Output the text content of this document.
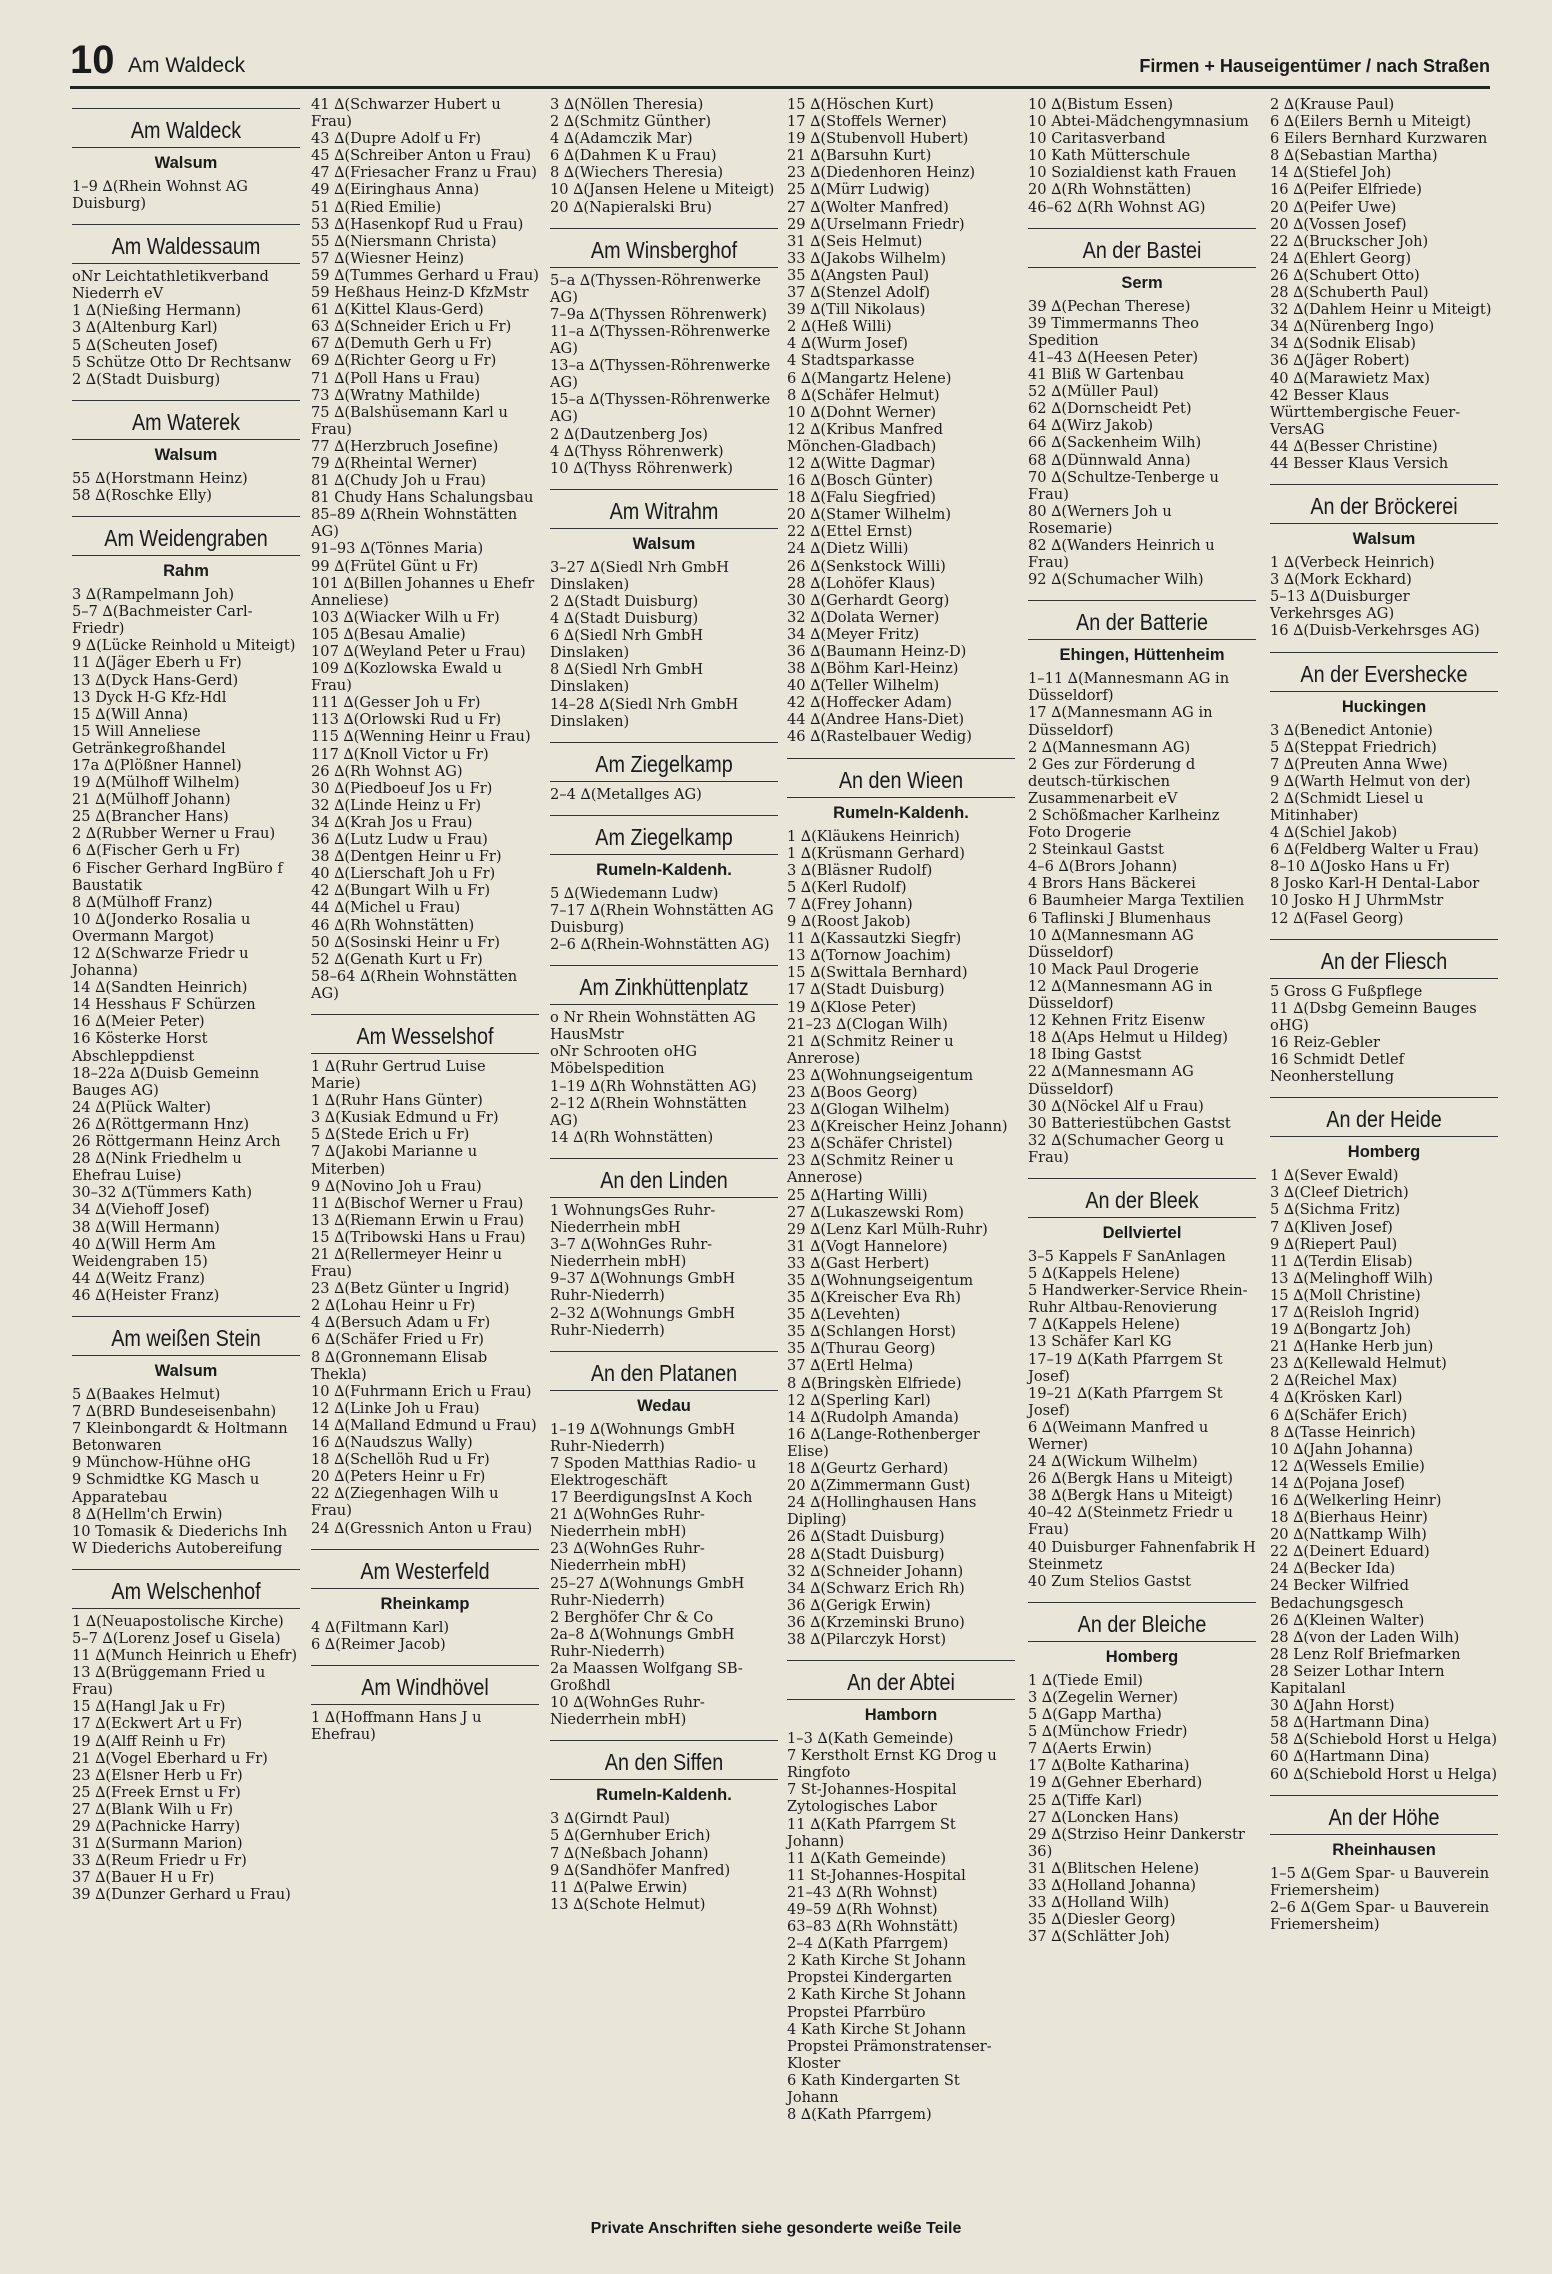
10 Am Waldeck	Firmen + Hauseigentümer / nach Straßen
Am Waldeck
Walsum
1–9 ∆(Rhein Wohnst AG Duisburg)
Am Waldessaum
oNr Leichtathletikverband Niederrh eV
1 ∆(Nießing Hermann)
3 ∆(Altenburg Karl)
5 ∆(Scheuten Josef)
5 Schütze Otto Dr Rechtsanw
2 ∆(Stadt Duisburg)
Am Waterek
Walsum
55 ∆(Horstmann Heinz)
58 ∆(Roschke Elly)
Am Weidengraben
Rahm
3 ∆(Rampelmann Joh)
5–7 ∆(Bachmeister Carl-Friedr)
9 ∆(Lücke Reinhold u Miteigt)
11 ∆(Jäger Eberh u Fr)
13 ∆(Dyck Hans-Gerd)
13 Dyck H-G Kfz-Hdl
15 ∆(Will Anna)
15 Will Anneliese Getränkegroßhandel
17a ∆(Plößner Hannel)
19 ∆(Mülhoff Wilhelm)
21 ∆(Mülhoff Johann)
25 ∆(Brancher Hans)
2 ∆(Rubber Werner u Frau)
6 ∆(Fischer Gerh u Fr)
6 Fischer Gerhard IngBüro f Baustatik
8 ∆(Mülhoff Franz)
10 ∆(Jonderko Rosalia u Overmann Margot)
12 ∆(Schwarze Friedr u Johanna)
14 ∆(Sandten Heinrich)
14 Hesshaus F Schürzen
16 ∆(Meier Peter)
16 Kösterke Horst Abschleppdienst
18–22a ∆(Duisb Gemeinn Bauges AG)
24 ∆(Plück Walter)
26 ∆(Röttgermann Hnz)
26 Röttgermann Heinz Arch
28 ∆(Nink Friedhelm u Ehefrau Luise)
30–32 ∆(Tümmers Kath)
34 ∆(Viehoff Josef)
38 ∆(Will Hermann)
40 ∆(Will Herm Am Weidengraben 15)
44 ∆(Weitz Franz)
46 ∆(Heister Franz)
Am weißen Stein
Walsum
5 ∆(Baakes Helmut)
7 ∆(BRD Bundeseisenbahn)
7 Kleinbongardt & Holtmann Betonwaren
9 Münchow-Hühne oHG
9 Schmidtke KG Masch u Apparatebau
8 ∆(Hellm'ch Erwin)
10 Tomasik & Diederichs Inh W Diederichs Autobereifung
Am Welschenhof
1 ∆(Neuapostolische Kirche)
5–7 ∆(Lorenz Josef u Gisela)
11 ∆(Munch Heinrich u Ehefr)
13 ∆(Brüggemann Fried u Frau)
15 ∆(Hangl Jak u Fr)
17 ∆(Eckwert Art u Fr)
19 ∆(Alff Reinh u Fr)
21 ∆(Vogel Eberhard u Fr)
23 ∆(Elsner Herb u Fr)
25 ∆(Freek Ernst u Fr)
27 ∆(Blank Wilh u Fr)
29 ∆(Pachnicke Harry)
31 ∆(Surmann Marion)
33 ∆(Reum Friedr u Fr)
37 ∆(Bauer H u Fr)
39 ∆(Dunzer Gerhard u Frau)
41 ∆(Schwarzer Hubert u Frau)
43 ∆(Dupre Adolf u Fr)
45 ∆(Schreiber Anton u Frau)
47 ∆(Friesacher Franz u Frau)
49 ∆(Eiringhaus Anna)
51 ∆(Ried Emilie)
53 ∆(Hasenkopf Rud u Frau)
55 ∆(Niersmann Christa)
57 ∆(Wiesner Heinz)
59 ∆(Tummes Gerhard u Frau)
59 Heßhaus Heinz-D KfzMstr
61 ∆(Kittel Klaus-Gerd)
63 ∆(Schneider Erich u Fr)
67 ∆(Demuth Gerh u Fr)
69 ∆(Richter Georg u Fr)
71 ∆(Poll Hans u Frau)
73 ∆(Wratny Mathilde)
75 ∆(Balshüsemann Karl u Frau)
77 ∆(Herzbruch Josefine)
79 ∆(Rheintal Werner)
81 ∆(Chudy Joh u Frau)
81 Chudy Hans Schalungsbau
85–89 ∆(Rhein Wohnstätten AG)
91–93 ∆(Tönnes Maria)
99 ∆(Frütel Günt u Fr)
101 ∆(Billen Johannes u Ehefr Anneliese)
103 ∆(Wiacker Wilh u Fr)
105 ∆(Besau Amalie)
107 ∆(Weyland Peter u Frau)
109 ∆(Kozlowska Ewald u Frau)
111 ∆(Gesser Joh u Fr)
113 ∆(Orlowski Rud u Fr)
115 ∆(Wenning Heinr u Frau)
117 ∆(Knoll Victor u Fr)
26 ∆(Rh Wohnst AG)
30 ∆(Piedboeuf Jos u Fr)
32 ∆(Linde Heinz u Fr)
34 ∆(Krah Jos u Frau)
36 ∆(Lutz Ludw u Frau)
38 ∆(Dentgen Heinr u Fr)
40 ∆(Lierschaft Joh u Fr)
42 ∆(Bungart Wilh u Fr)
44 ∆(Michel u Frau)
46 ∆(Rh Wohnstätten)
50 ∆(Sosinski Heinr u Fr)
52 ∆(Genath Kurt u Fr)
58–64 ∆(Rhein Wohnstätten AG)
Am Wesselshof
1 ∆(Ruhr Gertrud Luise Marie)
1 ∆(Ruhr Hans Günter)
3 ∆(Kusiak Edmund u Fr)
5 ∆(Stede Erich u Fr)
7 ∆(Jakobi Marianne u Miterben)
9 ∆(Novino Joh u Frau)
11 ∆(Bischof Werner u Frau)
13 ∆(Riemann Erwin u Frau)
15 ∆(Tribowski Hans u Frau)
21 ∆(Rellermeyer Heinr u Frau)
23 ∆(Betz Günter u Ingrid)
2 ∆(Lohau Heinr u Fr)
4 ∆(Bersuch Adam u Fr)
6 ∆(Schäfer Fried u Fr)
8 ∆(Gronnemann Elisab Thekla)
10 ∆(Fuhrmann Erich u Frau)
12 ∆(Linke Joh u Frau)
14 ∆(Malland Edmund u Frau)
16 ∆(Naudszus Wally)
18 ∆(Schellöh Rud u Fr)
20 ∆(Peters Heinr u Fr)
22 ∆(Ziegenhagen Wilh u Frau)
24 ∆(Gressnich Anton u Frau)
Am Westerfeld
Rheinkamp
4 ∆(Filtmann Karl)
6 ∆(Reimer Jacob)
Am Windhövel
1 ∆(Hoffmann Hans J u Ehefrau)
3 ∆(Nöllen Theresia)
2 ∆(Schmitz Günther)
4 ∆(Adamczik Mar)
6 ∆(Dahmen K u Frau)
8 ∆(Wiechers Theresia)
10 ∆(Jansen Helene u Miteigt)
20 ∆(Napieralski Bru)
Am Winsberghof
5–a ∆(Thyssen-Röhrenwerke AG)
7–9a ∆(Thyssen Röhrenwerk)
11–a ∆(Thyssen-Röhrenwerke AG)
13–a ∆(Thyssen-Röhrenwerke AG)
15–a ∆(Thyssen-Röhrenwerke AG)
2 ∆(Dautzenberg Jos)
4 ∆(Thyss Röhrenwerk)
10 ∆(Thyss Röhrenwerk)
Am Witrahm
Walsum
3–27 ∆(Siedl Nrh GmbH Dinslaken)
2 ∆(Stadt Duisburg)
4 ∆(Stadt Duisburg)
6 ∆(Siedl Nrh GmbH Dinslaken)
8 ∆(Siedl Nrh GmbH Dinslaken)
14–28 ∆(Siedl Nrh GmbH Dinslaken)
Am Ziegelkamp
2–4 ∆(Metallges AG)
Am Ziegelkamp
Rumeln-Kaldenh.
5 ∆(Wiedemann Ludw)
7–17 ∆(Rhein Wohnstätten AG Duisburg)
2–6 ∆(Rhein-Wohnstätten AG)
Am Zinkhüttenplatz
o Nr Rhein Wohnstätten AG HausMstr
oNr Schrooten oHG Möbelspedition
1–19 ∆(Rh Wohnstätten AG)
2–12 ∆(Rhein Wohnstätten AG)
14 ∆(Rh Wohnstätten)
An den Linden
1 WohnungsGes Ruhr-Niederrhein mbH
3–7 ∆(WohnGes Ruhr-Niederrhein mbH)
9–37 ∆(Wohnungs GmbH Ruhr-Niederrh)
2–32 ∆(Wohnungs GmbH Ruhr-Niederrh)
An den Platanen
Wedau
1–19 ∆(Wohnungs GmbH Ruhr-Niederrh)
7 Spoden Matthias Radio- u Elektrogeschäft
17 BeerdigungsInst A Koch
21 ∆(WohnGes Ruhr-Niederrhein mbH)
23 ∆(WohnGes Ruhr-Niederrhein mbH)
25–27 ∆(Wohnungs GmbH Ruhr-Niederrh)
2 Berghöfer Chr & Co
2a–8 ∆(Wohnungs GmbH Ruhr-Niederrh)
2a Maassen Wolfgang SB-Großhdl
10 ∆(WohnGes Ruhr-Niederrhein mbH)
An den Siffen
Rumeln-Kaldenh.
3 ∆(Girndt Paul)
5 ∆(Gernhuber Erich)
7 ∆(Neßbach Johann)
9 ∆(Sandhöfer Manfred)
11 ∆(Palwe Erwin)
13 ∆(Schote Helmut)
15 ∆(Höschen Kurt)
17 ∆(Stoffels Werner)
19 ∆(Stubenvoll Hubert)
21 ∆(Barsuhn Kurt)
23 ∆(Diedenhoren Heinz)
25 ∆(Mürr Ludwig)
27 ∆(Wolter Manfred)
29 ∆(Urselmann Friedr)
31 ∆(Seis Helmut)
33 ∆(Jakobs Wilhelm)
35 ∆(Angsten Paul)
37 ∆(Stenzel Adolf)
39 ∆(Till Nikolaus)
2 ∆(Heß Willi)
4 ∆(Wurm Josef)
4 Stadtsparkasse
6 ∆(Mangartz Helene)
8 ∆(Schäfer Helmut)
10 ∆(Dohnt Werner)
12 ∆(Kribus Manfred Mönchen-Gladbach)
12 ∆(Witte Dagmar)
16 ∆(Bosch Günter)
18 ∆(Falu Siegfried)
20 ∆(Stamer Wilhelm)
22 ∆(Ettel Ernst)
24 ∆(Dietz Willi)
26 ∆(Senkstock Willi)
28 ∆(Lohöfer Klaus)
30 ∆(Gerhardt Georg)
32 ∆(Dolata Werner)
34 ∆(Meyer Fritz)
36 ∆(Baumann Heinz-D)
38 ∆(Böhm Karl-Heinz)
40 ∆(Teller Wilhelm)
42 ∆(Hoffecker Adam)
44 ∆(Andree Hans-Diet)
46 ∆(Rastelbauer Wedig)
An den Wieen
Rumeln-Kaldenh.
1 ∆(Kläukens Heinrich)
1 ∆(Krüsmann Gerhard)
3 ∆(Bläsner Rudolf)
5 ∆(Kerl Rudolf)
7 ∆(Frey Johann)
9 ∆(Roost Jakob)
11 ∆(Kassautzki Siegfr)
13 ∆(Tornow Joachim)
15 ∆(Swittala Bernhard)
17 ∆(Stadt Duisburg)
19 ∆(Klose Peter)
21–23 ∆(Clogan Wilh)
21 ∆(Schmitz Reiner u Anrerose)
23 ∆(Wohnungseigentum
23 ∆(Boos Georg)
23 ∆(Glogan Wilhelm)
23 ∆(Kreischer Heinz Johann)
23 ∆(Schäfer Christel)
23 ∆(Schmitz Reiner u Annerose)
25 ∆(Harting Willi)
27 ∆(Lukaszewski Rom)
29 ∆(Lenz Karl Mülh-Ruhr)
31 ∆(Vogt Hannelore)
33 ∆(Gast Herbert)
35 ∆(Wohnungseigentum
35 ∆(Kreischer Eva Rh)
35 ∆(Levehten)
35 ∆(Schlangen Horst)
35 ∆(Thurau Georg)
37 ∆(Ertl Helma)
8 ∆(Bringskèn Elfriede)
12 ∆(Sperling Karl)
14 ∆(Rudolph Amanda)
16 ∆(Lange-Rothenberger Elise)
18 ∆(Geurtz Gerhard)
20 ∆(Zimmermann Gust)
24 ∆(Hollinghausen Hans Dipling)
26 ∆(Stadt Duisburg)
28 ∆(Stadt Duisburg)
32 ∆(Schneider Johann)
34 ∆(Schwarz Erich Rh)
36 ∆(Gerigk Erwin)
36 ∆(Krzeminski Bruno)
38 ∆(Pilarczyk Horst)
An der Abtei
Hamborn
1–3 ∆(Kath Gemeinde)
7 Kerstholt Ernst KG Drog u Ringfoto
7 St-Johannes-Hospital Zytologisches Labor
11 ∆(Kath Pfarrgem St Johann)
11 ∆(Kath Gemeinde)
11 St-Johannes-Hospital
21–43 ∆(Rh Wohnst)
49–59 ∆(Rh Wohnst)
63–83 ∆(Rh Wohnstätt)
2–4 ∆(Kath Pfarrgem)
2 Kath Kirche St Johann Propstei Kindergarten
2 Kath Kirche St Johann Propstei Pfarrbüro
4 Kath Kirche St Johann Propstei Prämonstratenser-Kloster
6 Kath Kindergarten St Johann
8 ∆(Kath Pfarrgem)
10 ∆(Bistum Essen)
10 Abtei-Mädchengymnasium
10 Caritasverband
10 Kath Mütterschule
10 Sozialdienst kath Frauen
20 ∆(Rh Wohnstätten)
46–62 ∆(Rh Wohnst AG)
An der Bastei
Serm
39 ∆(Pechan Therese)
39 Timmermanns Theo Spedition
41–43 ∆(Heesen Peter)
41 Bliß W Gartenbau
52 ∆(Müller Paul)
62 ∆(Dornscheidt Pet)
64 ∆(Wirz Jakob)
66 ∆(Sackenheim Wilh)
68 ∆(Dünnwald Anna)
70 ∆(Schultze-Tenberge u Frau)
80 ∆(Werners Joh u Rosemarie)
82 ∆(Wanders Heinrich u Frau)
92 ∆(Schumacher Wilh)
An der Batterie
Ehingen, Hüttenheim
1–11 ∆(Mannesmann AG in Düsseldorf)
17 ∆(Mannesmann AG in Düsseldorf)
2 ∆(Mannesmann AG)
2 Ges zur Förderung d deutsch-türkischen Zusammenarbeit eV
2 Schößmacher Karlheinz Foto Drogerie
2 Steinkaul Gastst
4–6 ∆(Brors Johann)
4 Brors Hans Bäckerei
6 Baumheier Marga Textilien
6 Taflinski J Blumenhaus
10 ∆(Mannesmann AG Düsseldorf)
10 Mack Paul Drogerie
12 ∆(Mannesmann AG in Düsseldorf)
12 Kehnen Fritz Eisenw
18 ∆(Aps Helmut u Hildeg)
18 Ibing Gastst
22 ∆(Mannesmann AG Düsseldorf)
30 ∆(Nöckel Alf u Frau)
30 Batteriestübchen Gastst
32 ∆(Schumacher Georg u Frau)
An der Bleek
Dellviertel
3–5 Kappels F SanAnlagen
5 ∆(Kappels Helene)
5 Handwerker-Service Rhein-Ruhr Altbau-Renovierung
7 ∆(Kappels Helene)
13 Schäfer Karl KG
17–19 ∆(Kath Pfarrgem St Josef)
19–21 ∆(Kath Pfarrgem St Josef)
6 ∆(Weimann Manfred u Werner)
24 ∆(Wickum Wilhelm)
26 ∆(Bergk Hans u Miteigt)
38 ∆(Bergk Hans u Miteigt)
40–42 ∆(Steinmetz Friedr u Frau)
40 Duisburger Fahnenfabrik H Steinmetz
40 Zum Stelios Gastst
An der Bleiche
Homberg
1 ∆(Tiede Emil)
3 ∆(Zegelin Werner)
5 ∆(Gapp Martha)
5 ∆(Münchow Friedr)
7 ∆(Aerts Erwin)
17 ∆(Bolte Katharina)
19 ∆(Gehner Eberhard)
25 ∆(Tiffe Karl)
27 ∆(Loncken Hans)
29 ∆(Strziso Heinr Dankerstr 36)
31 ∆(Blitschen Helene)
33 ∆(Holland Johanna)
33 ∆(Holland Wilh)
35 ∆(Diesler Georg)
37 ∆(Schlätter Joh)
2 ∆(Krause Paul)
6 ∆(Eilers Bernh u Miteigt)
6 Eilers Bernhard Kurzwaren
8 ∆(Sebastian Martha)
14 ∆(Stiefel Joh)
16 ∆(Peifer Elfriede)
20 ∆(Peifer Uwe)
20 ∆(Vossen Josef)
22 ∆(Bruckscher Joh)
24 ∆(Ehlert Georg)
26 ∆(Schubert Otto)
28 ∆(Schuberth Paul)
32 ∆(Dahlem Heinr u Miteigt)
34 ∆(Nürenberg Ingo)
34 ∆(Sodnik Elisab)
36 ∆(Jäger Robert)
40 ∆(Marawietz Max)
42 Besser Klaus Württembergische Feuer-VersAG
44 ∆(Besser Christine)
44 Besser Klaus Versich
An der Bröckerei
Walsum
1 ∆(Verbeck Heinrich)
3 ∆(Mork Eckhard)
5–13 ∆(Duisburger Verkehrsges AG)
16 ∆(Duisb-Verkehrsges AG)
An der Evershecke
Huckingen
3 ∆(Benedict Antonie)
5 ∆(Steppat Friedrich)
7 ∆(Preuten Anna Wwe)
9 ∆(Warth Helmut von der)
2 ∆(Schmidt Liesel u Mitinhaber)
4 ∆(Schiel Jakob)
6 ∆(Feldberg Walter u Frau)
8–10 ∆(Josko Hans u Fr)
8 Josko Karl-H Dental-Labor
10 Josko H J UhrmMstr
12 ∆(Fasel Georg)
An der Fliesch
5 Gross G Fußpflege
11 ∆(Dsbg Gemeinn Bauges oHG)
16 Reiz-Gebler
16 Schmidt Detlef Neonherstellung
An der Heide
Homberg
1 ∆(Sever Ewald)
3 ∆(Cleef Dietrich)
5 ∆(Sichma Fritz)
7 ∆(Kliven Josef)
9 ∆(Riepert Paul)
11 ∆(Terdin Elisab)
13 ∆(Melinghoff Wilh)
15 ∆(Moll Christine)
17 ∆(Reisloh Ingrid)
19 ∆(Bongartz Joh)
21 ∆(Hanke Herb jun)
23 ∆(Kellewald Helmut)
2 ∆(Reichel Max)
4 ∆(Krösken Karl)
6 ∆(Schäfer Erich)
8 ∆(Tasse Heinrich)
10 ∆(Jahn Johanna)
12 ∆(Wessels Emilie)
14 ∆(Pojana Josef)
16 ∆(Welkerling Heinr)
18 ∆(Bierhaus Heinr)
20 ∆(Nattkamp Wilh)
22 ∆(Deinert Eduard)
24 ∆(Becker Ida)
24 Becker Wilfried Bedachungsgesch
26 ∆(Kleinen Walter)
28 ∆(von der Laden Wilh)
28 Lenz Rolf Briefmarken
28 Seizer Lothar Intern Kapitalanl
30 ∆(Jahn Horst)
58 ∆(Hartmann Dina)
58 ∆(Schiebold Horst u Helga)
60 ∆(Hartmann Dina)
60 ∆(Schiebold Horst u Helga)
An der Höhe
Rheinhausen
1–5 ∆(Gem Spar- u Bauverein Friemersheim)
2–6 ∆(Gem Spar- u Bauverein Friemersheim)
Private Anschriften siehe gesonderte weiße Teile
